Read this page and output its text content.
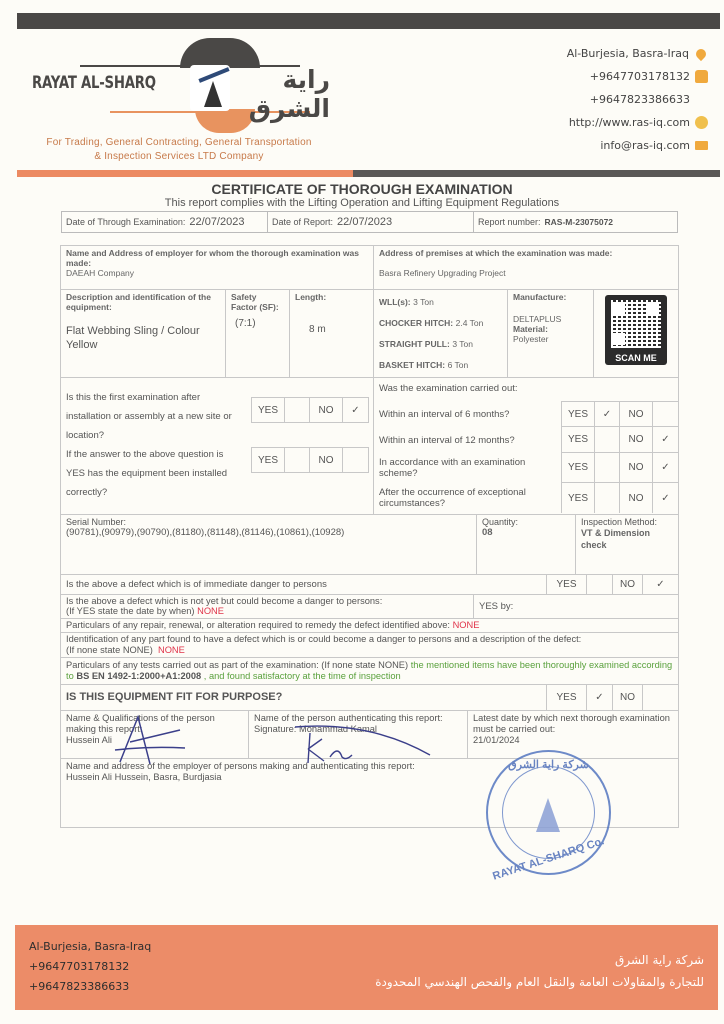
RAYAT AL-SHARQ	راية الشرق
For Trading, General Contracting, General Transportation
& Inspection Services LTD Company
Al-Burjesia, Basra-Iraq
+9647703178132
+9647823386633
http://www.ras-iq.com
info@ras-iq.com
CERTIFICATE OF THOROUGH EXAMINATION
This report complies with the Lifting Operation and Lifting Equipment Regulations
Date of Through Examination: 22/07/2023	Date of Report: 22/07/2023	Report number: RAS-M-23075072
Name and Address of employer for whom the thorough examination was made:
DAEAH Company
Address of premises at which the examination was made:
Basra Refinery Upgrading Project
Description and identification of the equipment:
Flat Webbing Sling / Colour Yellow
Safety Factor (SF):
(7:1)
Length:
8 m
WLL(s): 3 Ton
CHOCKER HITCH: 2.4 Ton
STRAIGHT PULL: 3 Ton
BASKET HITCH: 6 Ton
Manufacture:
DELTAPLUS
Material:
Polyester
SCAN ME
Is this the first examination after installation or assembly at a new site or location?
YES	NO	✓
If the answer to the above question is YES has the equipment been installed correctly?
YES	NO
Was the examination carried out:
Within an interval of 6 months?	YES	✓	NO
Within an interval of 12 months?	YES	NO	✓
In accordance with an examination scheme?
YES	NO	✓
After the occurrence of exceptional circumstances?	YES	NO	✓
Serial Number:
(90781),(90979),(90790),(81180),(81148),(81146),(10861),(10928)
Quantity:
08
Inspection Method:
VT & Dimension check
Is the above a defect which is of immediate danger to persons	YES	NO	✓
Is the above a defect which is not yet but could become a danger to persons:
(If YES state the date by when) NONE	YES by:
Particulars of any repair, renewal, or alteration required to remedy the defect identified above: NONE
Identification of any part found to have a defect which is or could become a danger to persons and a description of the defect:
(If none state NONE) NONE
Particulars of any tests carried out as part of the examination: (If none state NONE) the mentioned items have been thoroughly examined according to BS EN 1492-1:2000+A1:2008 , and found satisfactory at the time of inspection
IS THIS EQUIPMENT FIT FOR PURPOSE?	YES	✓	NO
Name & Qualifications of the person making this report:
Hussein Ali
Name of the person authenticating this report:
Signature: Mohammad Kamal
Latest date by which next thorough examination must be carried out:
21/01/2024
Name and address of the employer of persons making and authenticating this report:
Hussein Ali Hussein, Basra, Burdjasia
شركة راية الشرق
RAYAT AL-SHARQ Co.
Al-Burjesia, Basra-Iraq
+9647703178132
+9647823386633
شركة راية الشرق
للتجارة والمقاولات العامة والنقل العام والفحص الهندسي المحدودة
